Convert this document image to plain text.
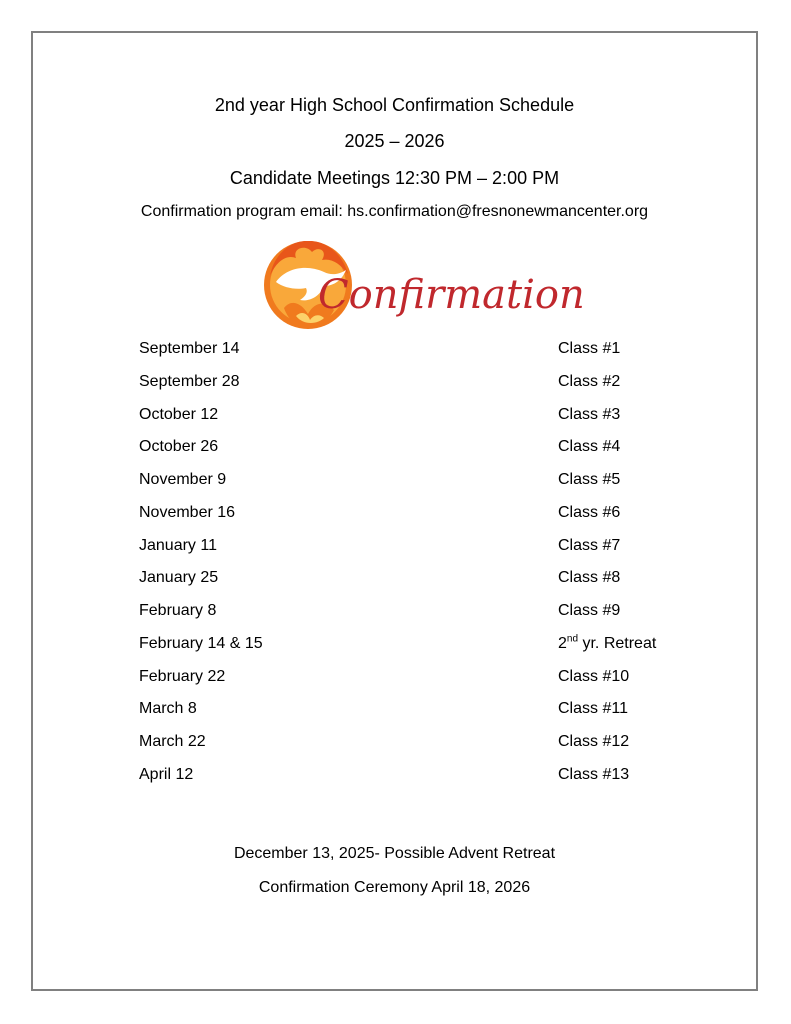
2nd year High School Confirmation Schedule
2025 – 2026
Candidate Meetings 12:30 PM – 2:00 PM
Confirmation program email: hs.confirmation@fresnonewmancenter.org
Confirmation
September 14	Class #1
September 28	Class #2
October 12	Class #3
October 26	Class #4
November 9	Class #5
November 16	Class #6
January 11	Class #7
January 25	Class #8
February 8	Class #9
February 14 & 15	2nd yr. Retreat
February 22	Class #10
March 8	Class #11
March 22	Class #12
April 12	Class #13
December 13, 2025- Possible Advent Retreat
Confirmation Ceremony April 18, 2026
